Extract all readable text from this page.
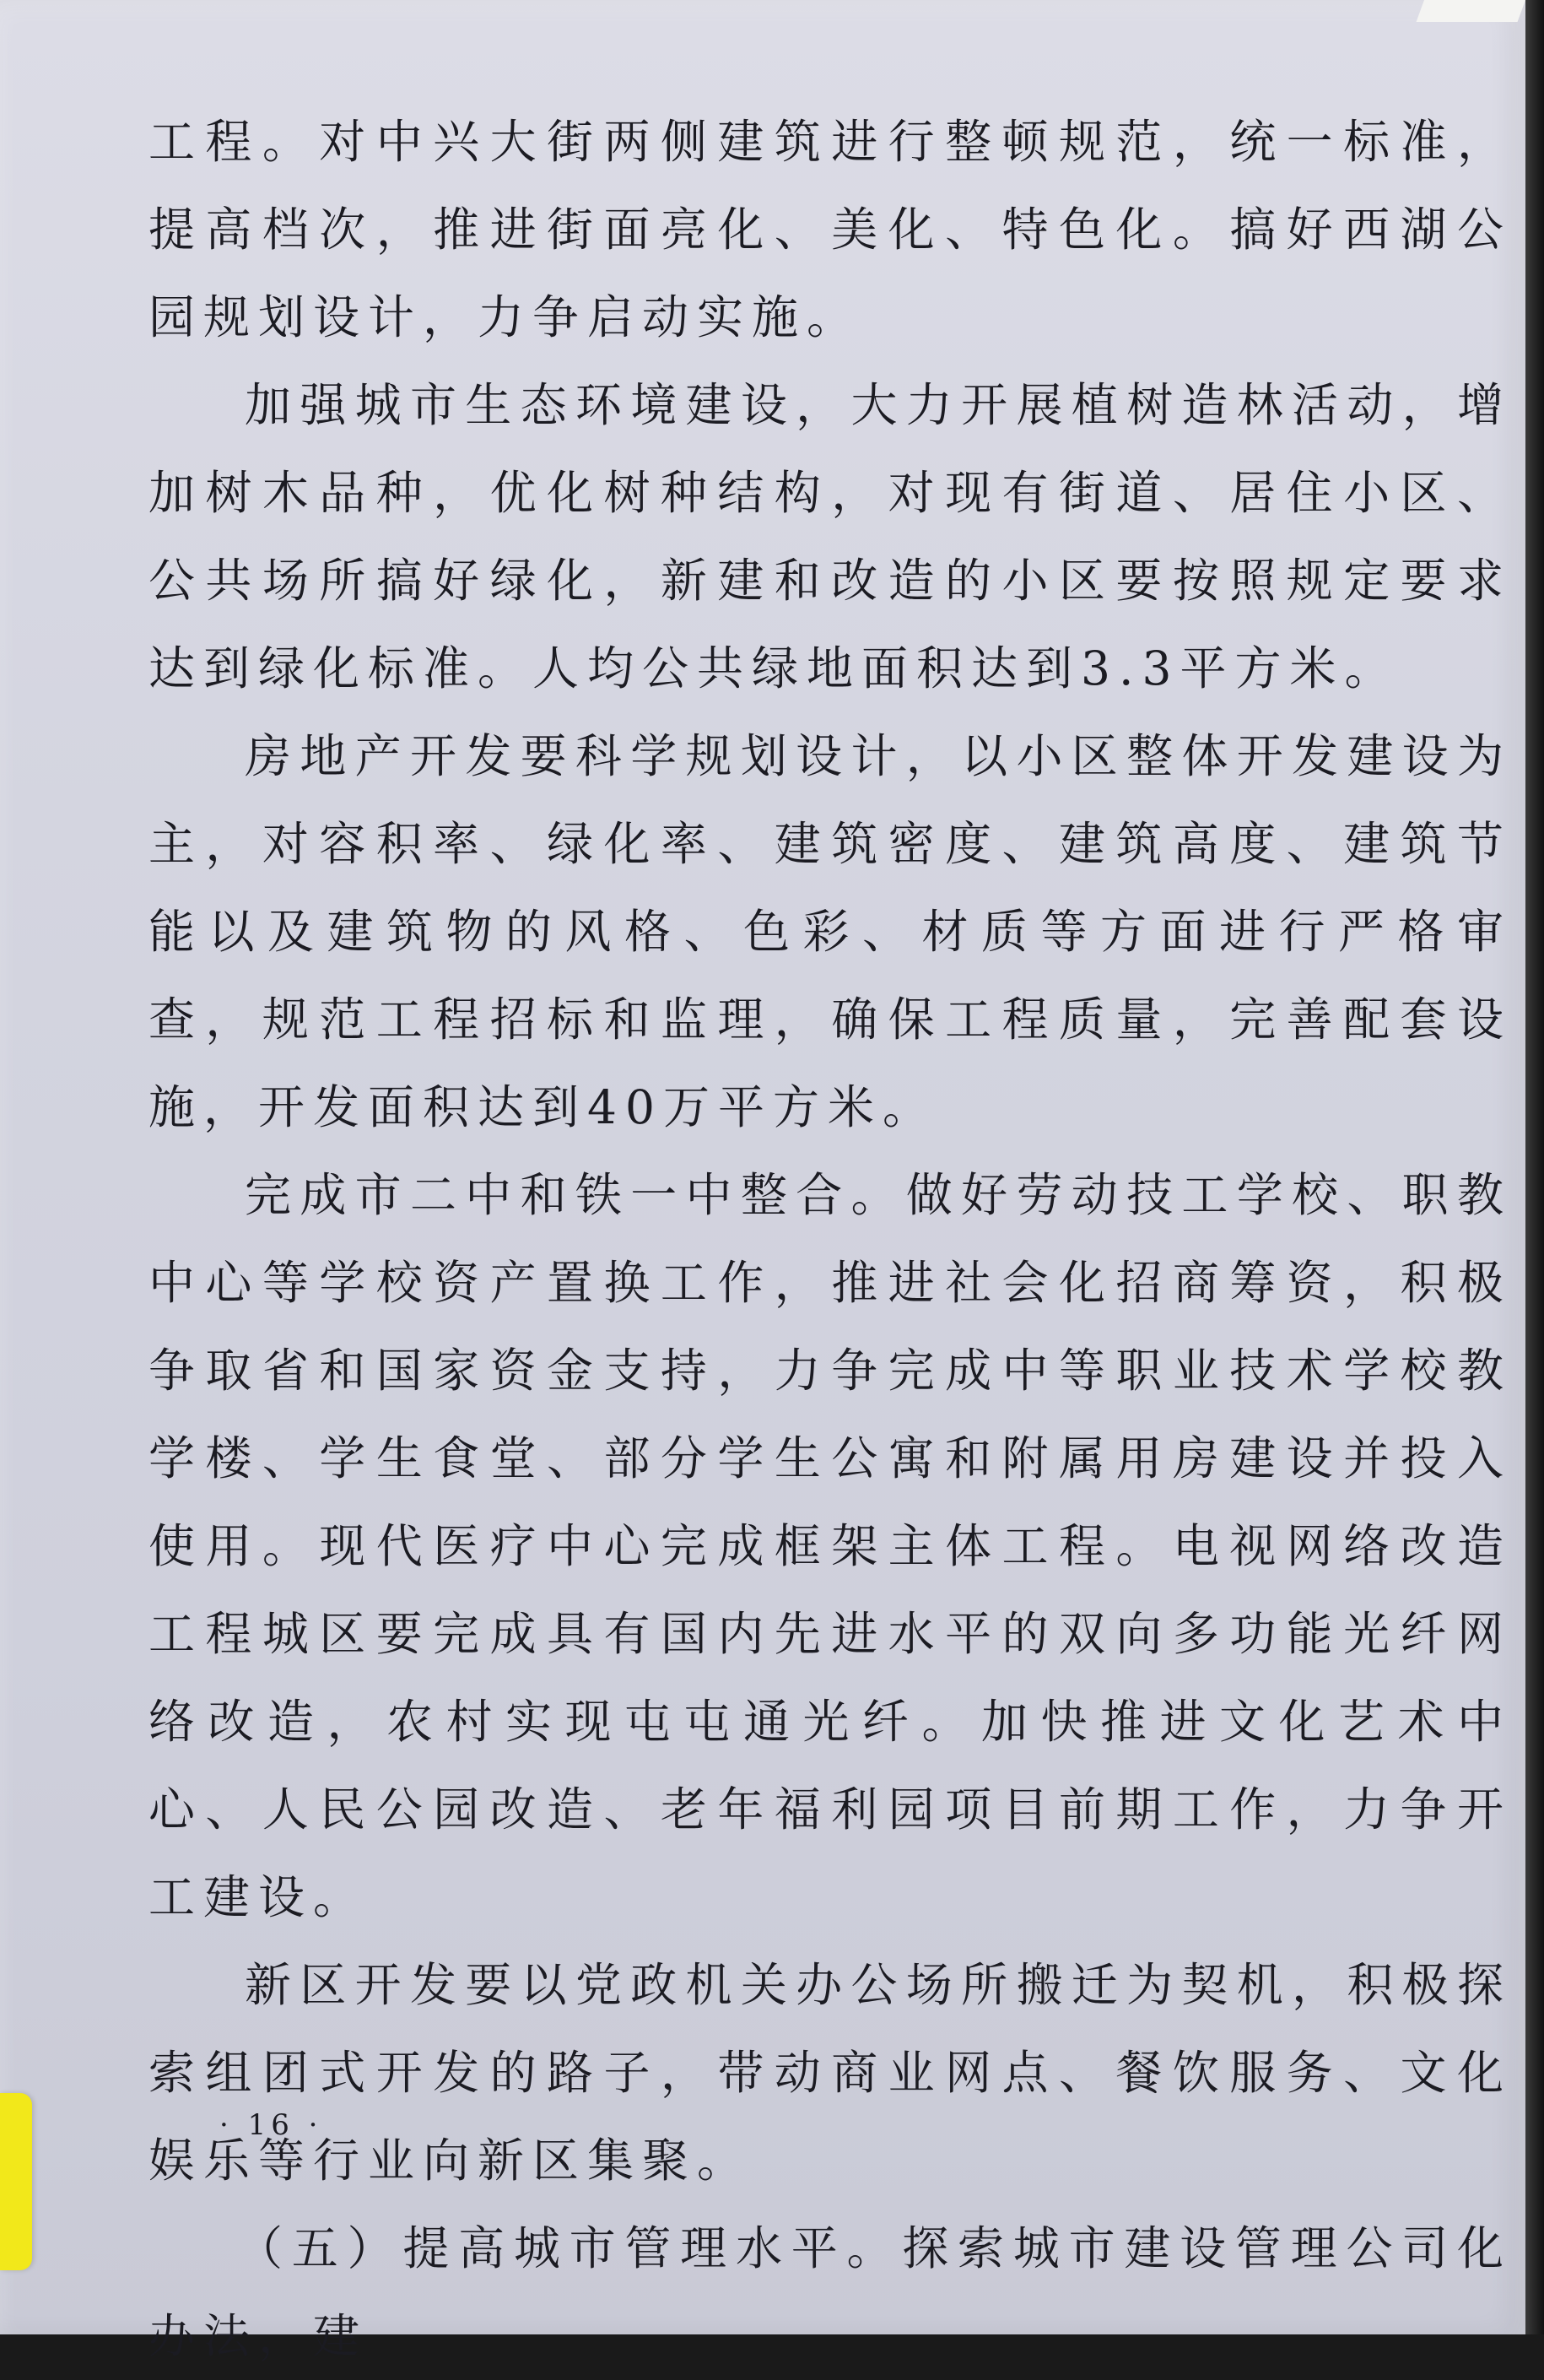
工程。对中兴大街两侧建筑进行整顿规范，统一标准，提高档次，推进街面亮化、美化、特色化。搞好西湖公园规划设计，力争启动实施。

加强城市生态环境建设，大力开展植树造林活动，增加树木品种，优化树种结构，对现有街道、居住小区、公共场所搞好绿化，新建和改造的小区要按照规定要求达到绿化标准。人均公共绿地面积达到3.3平方米。

房地产开发要科学规划设计，以小区整体开发建设为主，对容积率、绿化率、建筑密度、建筑高度、建筑节能以及建筑物的风格、色彩、材质等方面进行严格审查，规范工程招标和监理，确保工程质量，完善配套设施，开发面积达到40万平方米。

完成市二中和铁一中整合。做好劳动技工学校、职教中心等学校资产置换工作，推进社会化招商筹资，积极争取省和国家资金支持，力争完成中等职业技术学校教学楼、学生食堂、部分学生公寓和附属用房建设并投入使用。现代医疗中心完成框架主体工程。电视网络改造工程城区要完成具有国内先进水平的双向多功能光纤网络改造，农村实现屯屯通光纤。加快推进文化艺术中心、人民公园改造、老年福利园项目前期工作，力争开工建设。

新区开发要以党政机关办公场所搬迁为契机，积极探索组团式开发的路子，带动商业网点、餐饮服务、文化娱乐等行业向新区集聚。

（五）提高城市管理水平。探索城市建设管理公司化办法，建

· 16 ·
